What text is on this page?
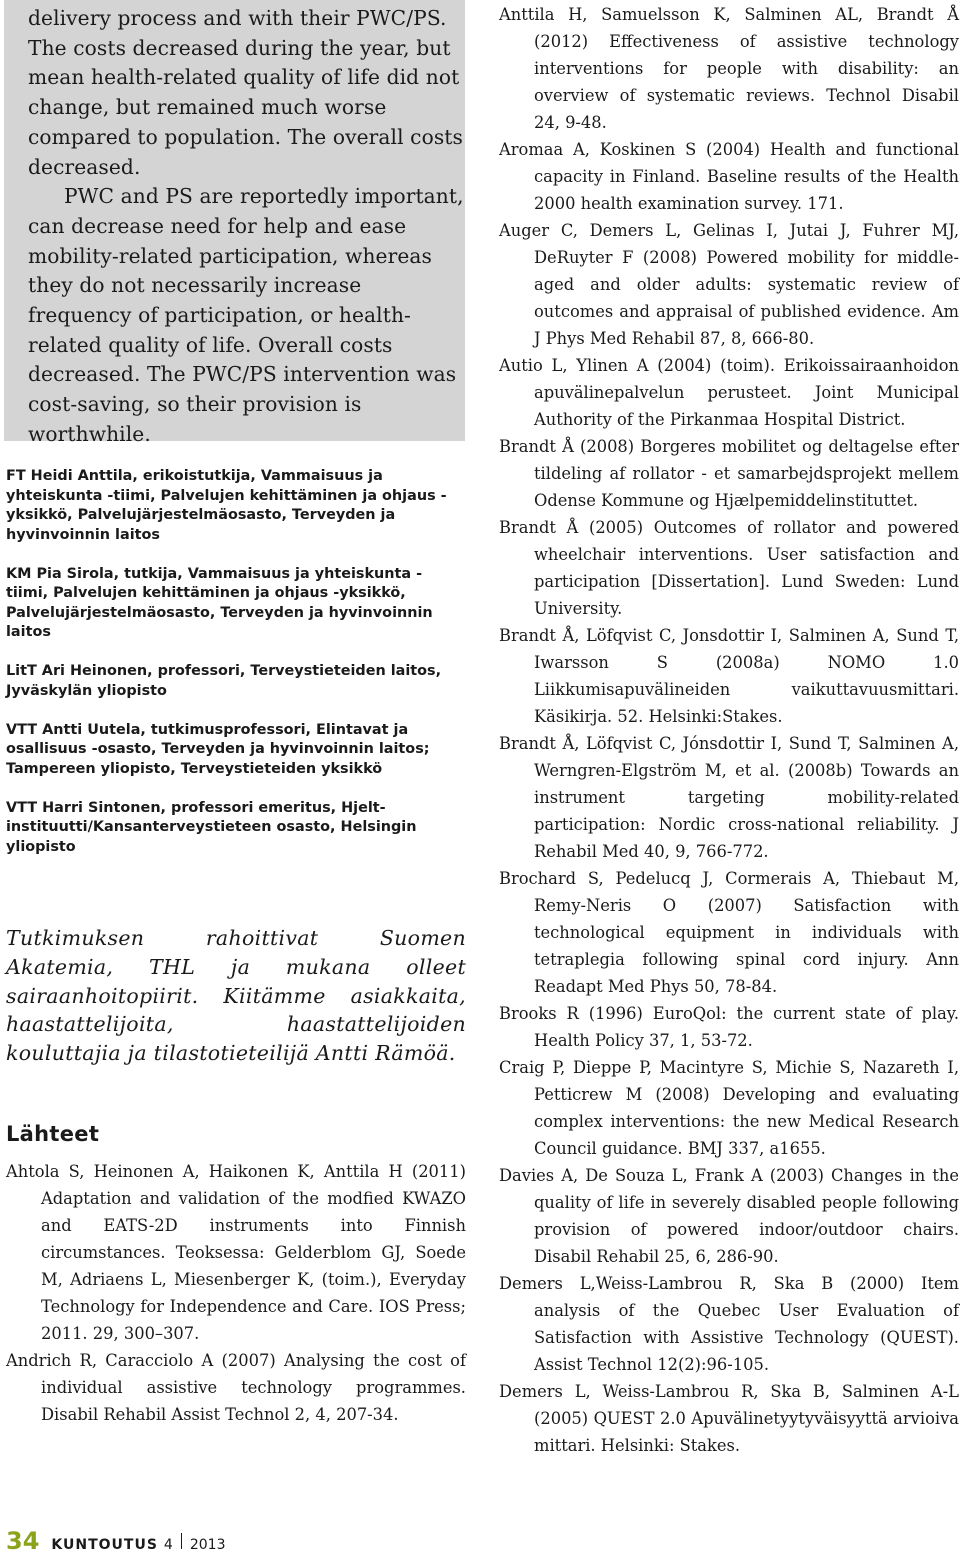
delivery process and with their PWC/PS. The costs decreased during the year, but mean health-related quality of life did not change, but remained much worse compared to population. The overall costs decreased.

PWC and PS are reportedly important, can decrease need for help and ease mobility-related participation, whereas they do not necessarily increase frequency of participation, or health-related quality of life. Overall costs decreased. The PWC/PS intervention was cost-saving, so their provision is worthwhile.

FT Heidi Anttila, erikoistutkija, Vammaisuus ja yhteiskunta -tiimi, Palvelujen kehittäminen ja ohjaus -yksikkö, Palvelujärjestelmäosasto, Terveyden ja hyvinvoinnin laitos

KM Pia Sirola, tutkija, Vammaisuus ja yhteiskunta -tiimi, Palvelujen kehittäminen ja ohjaus -yksikkö, Palvelujärjestelmäosasto, Terveyden ja hyvinvoinnin laitos

LitT Ari Heinonen, professori, Terveystieteiden laitos, Jyväskylän yliopisto

VTT Antti Uutela, tutkimusprofessori, Elintavat ja osallisuus -osasto, Terveyden ja hyvinvoinnin laitos; Tampereen yliopisto, Terveystieteiden yksikkö

VTT Harri Sintonen, professori emeritus, Hjelt-instituutti/Kansanterveystieteen osasto, Helsingin yliopisto

Tutkimuksen rahoittivat Suomen Akatemia, THL ja mukana olleet sairaanhoitopiirit. Kiitämme asiakkaita, haastattelijoita, haastattelijoiden kouluttajia ja tilastotieteilijä Antti Rämöä.
Lähteet

Ahtola S, Heinonen A, Haikonen K, Anttila H (2011) Adaptation and validation of the modfied KWAZO and EATS-2D instruments into Finnish circumstances. Teoksessa: Gelderblom GJ, Soede M, Adriaens L, Miesenberger K, (toim.), Everyday Technology for Independence and Care. IOS Press; 2011. 29, 300–307.

Andrich R, Caracciolo A (2007) Analysing the cost of individual assistive technology programmes. Disabil Rehabil Assist Technol 2, 4, 207-34.

Anttila H, Samuelsson K, Salminen AL, Brandt Å (2012) Effectiveness of assistive technology interventions for people with disability: an overview of systematic reviews. Technol Disabil 24, 9-48.

Aromaa A, Koskinen S (2004) Health and functional capacity in Finland. Baseline results of the Health 2000 health examination survey. 171.

Auger C, Demers L, Gelinas I, Jutai J, Fuhrer MJ, DeRuyter F (2008) Powered mobility for middle-aged and older adults: systematic review of outcomes and appraisal of published evidence. Am J Phys Med Rehabil 87, 8, 666-80.

Autio L, Ylinen A (2004) (toim). Erikoissairaanhoidon apuvälinepalvelun perusteet. Joint Municipal Authority of the Pirkanmaa Hospital District.

Brandt Å (2008) Borgeres mobilitet og deltagelse efter tildeling af rollator - et samarbejdsprojekt mellem Odense Kommune og Hjælpemiddelinstituttet.

Brandt Å (2005) Outcomes of rollator and powered wheelchair interventions. User satisfaction and participation [Dissertation]. Lund Sweden: Lund University.

Brandt Å, Löfqvist C, Jonsdottir I, Salminen A, Sund T, Iwarsson S (2008a) NOMO 1.0 Liikkumisapuvälineiden vaikuttavuusmittari. Käsikirja. 52. Helsinki:Stakes.

Brandt Å, Löfqvist C, Jónsdottir I, Sund T, Salminen A, Werngren-Elgström M, et al. (2008b) Towards an instrument targeting mobility-related participation: Nordic cross-national reliability. J Rehabil Med 40, 9, 766-772.

Brochard S, Pedelucq J, Cormerais A, Thiebaut M, Remy-Neris O (2007) Satisfaction with technological equipment in individuals with tetraplegia following spinal cord injury. Ann Readapt Med Phys 50, 78-84.

Brooks R (1996) EuroQol: the current state of play. Health Policy 37, 1, 53-72.

Craig P, Dieppe P, Macintyre S, Michie S, Nazareth I, Petticrew M (2008) Developing and evaluating complex interventions: the new Medical Research Council guidance. BMJ 337, a1655.

Davies A, De Souza L, Frank A (2003) Changes in the quality of life in severely disabled people following provision of powered indoor/outdoor chairs. Disabil Rehabil 25, 6, 286-90.

Demers L,Weiss-Lambrou R, Ska B (2000) Item analysis of the Quebec User Evaluation of Satisfaction with Assistive Technology (QUEST). Assist Technol 12(2):96-105.

Demers L, Weiss-Lambrou R, Ska B, Salminen A-L (2005) QUEST 2.0 Apuvälinetyytyväisyyttä arvioiva mittari. Helsinki: Stakes.

34 KUNTOUTUS 4 2013
